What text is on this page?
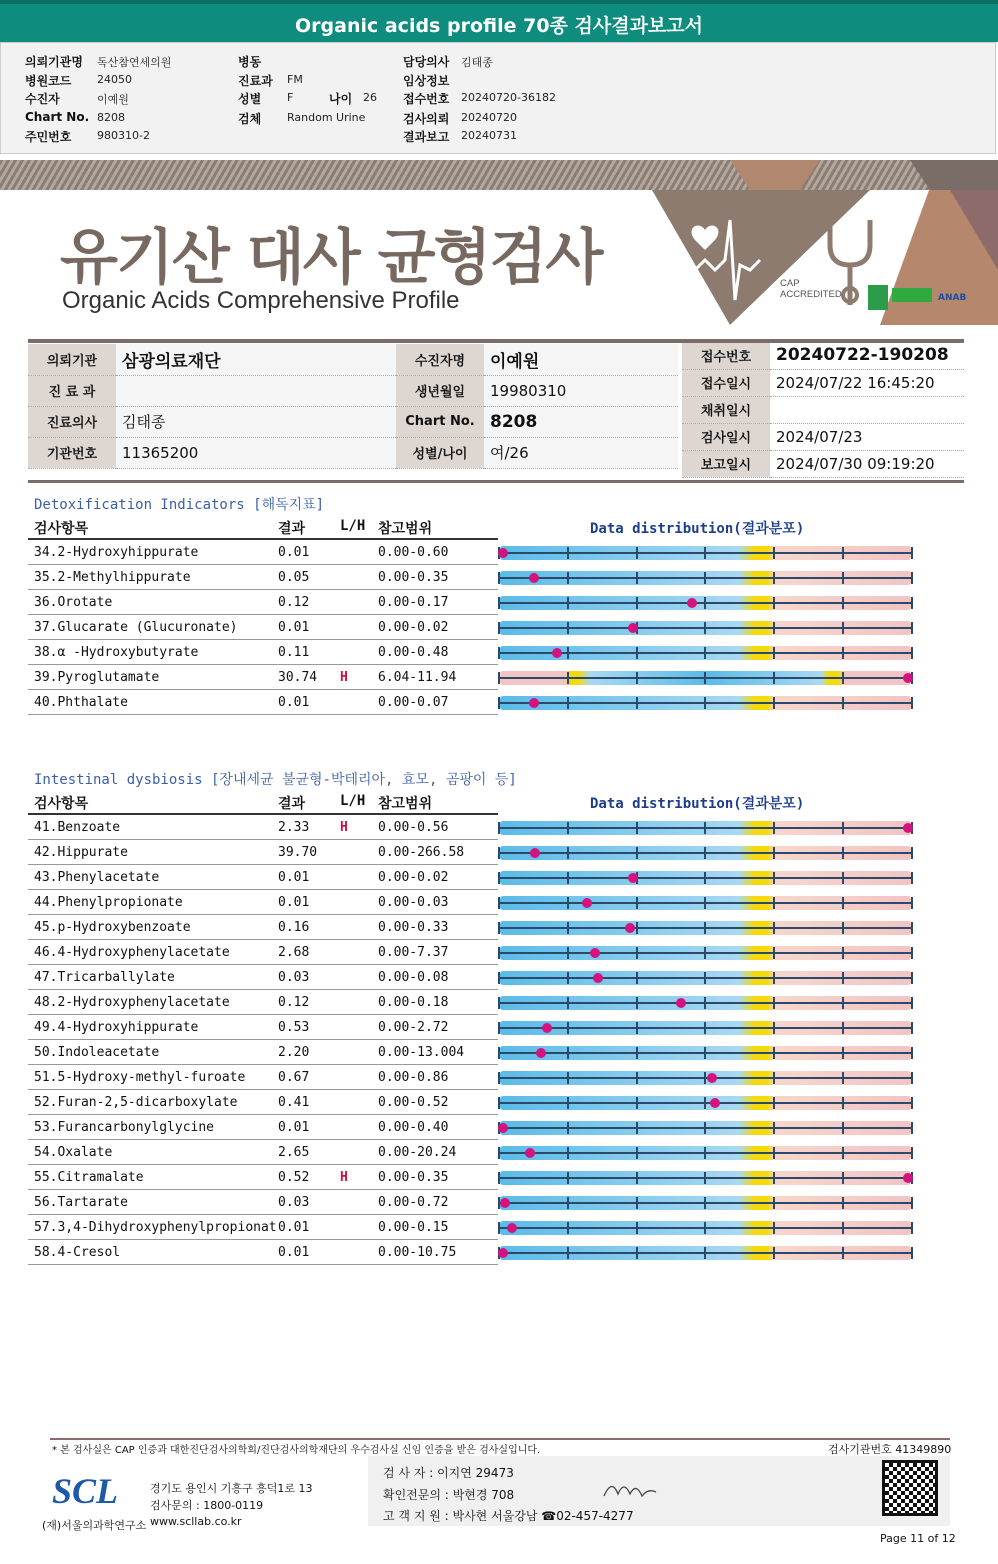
Organic acids profile 70종 검사결과보고서
의뢰기관명 독산참연세의원
병원코드 24050
수진자	이예원
Chart No. 8208
주민번호 980310-2
병동
진료과 FM
성별 F
검체 Random Urine
담당의사 김태종
임상정보
접수번호 20240720-36182
검사의뢰 20240720
결과보고 20240731
나이 26
유기산 대사 균형검사
Organic Acids Comprehensive Profile	ANAB
CAP ACCREDITED
의뢰기관	삼광의료재단	수진자명	이예원
진 료 과		생년월일	19980310
진료의사	김태종	Chart No.	8208
기관번호	11365200	성별/나이	여/26
접수번호	20240722-190208
접수일시	2024/07/22 16:45:20
채취일시	
검사일시	2024/07/23
보고일시	2024/07/30 09:19:20
Detoxification Indicators [해독지표]
검사항목	결과 L/H 참고범위	Data distribution(결과분포)
34.2-Hydroxyhippurate	0.01	0.00-0.60
35.2-Methylhippurate	0.05	0.00-0.35
36.Orotate	0.12	0.00-0.17
37.Glucarate (Glucuronate)	0.01	0.00-0.02
38.α -Hydroxybutyrate	0.11	0.00-0.48
39.Pyroglutamate	30.74 H 6.04-11.94
40.Phthalate	0.01	0.00-0.07
Intestinal dysbiosis [장내세균 불균형-박테리아, 효모, 곰팡이 등]
검사항목	결과 L/H 참고범위	Data distribution(결과분포)
41.Benzoate	2.33 H 0.00-0.56
42.Hippurate	39.70	0.00-266.58
43.Phenylacetate	0.01	0.00-0.02
44.Phenylpropionate	0.01	0.00-0.03
45.p-Hydroxybenzoate	0.16	0.00-0.33
46.4-Hydroxyphenylacetate	2.68	0.00-7.37
47.Tricarballylate	0.03	0.00-0.08
48.2-Hydroxyphenylacetate	0.12	0.00-0.18
49.4-Hydroxyhippurate	0.53	0.00-2.72
50.Indoleacetate	2.20	0.00-13.004
51.5-Hydroxy-methyl-furoate	0.67	0.00-0.86
52.Furan-2,5-dicarboxylate	0.41	0.00-0.52
53.Furancarbonylglycine	0.01	0.00-0.40
54.Oxalate	2.65	0.00-20.24
55.Citramalate	0.52 H 0.00-0.35
56.Tartarate	0.03	0.00-0.72
57.3,4-Dihydroxyphenylpropionat 0.01	0.00-0.15
58.4-Cresol	0.01	0.00-10.75
* 본 검사실은 CAP 인증과 대한진단검사의학회/진단검사의학재단의 우수검사실 신임 인증을 받은 검사실입니다.	검사기관번호 41349890
SCL
(재)서울의과학연구소
경기도 용인시 기흥구 흥덕1로 13
검사문의 : 1800-0119
www.scllab.co.kr
검 사 자 : 이지연 29473
확인전문의 : 박현경 708
고 객 지 원 : 박사현 서울강남 ☎02-457-4277
Page 11 of 12
